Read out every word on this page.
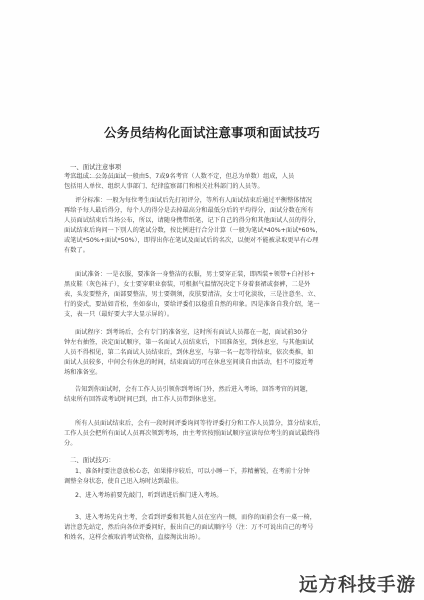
公务员结构化面试注意事项和面试技巧
一、面试注意事项
考官组成：公务员面试一般由5、7或9名考官（人数不定，但总为单数）组成，人员
包括用人单位、组织人事部门、纪律监察部门和相关社科部门的人员等。
评分标准：一般为每位考生面试后先打初评分，等所有人面试结束后通过平衡整体情况
再给予每人最后得分，每个人的得分是去掉最高分和最低分后的平均得分，面试分数在所有
人员面试结束后当场公布，所以，请随身携带纸笔，记下自己的得分和其他面试人员的得分，
面试结束后询问一下别人的笔试分数，按比例进行合分计算（一般为笔试*40%+面试*60%，
或笔试*50%+面试*50%），即得出你在笔试及面试后的名次，以便对不能被录取更早有心理
有数了。
面试准备：一是衣服，要准备一身整洁的衣服，男士要穿正装，即西装+领带+白衬衫+
黑皮鞋（灰色袜子），女士要穿职业套装，可根据气温情况决定下身着套裙或套裤，二是外
表，头发要整齐，面部要整洁，男士要剃须，皮肤要清洁，女士可化淡妆，三是注意坐、立、
行的姿式，要站如青松，坐如泰山，要给评委们以稳重自然的印象。四是准备自我介绍，笔一
支，表一只（最好要大字大显示屏的）。
面试程序：到考场后，会有专门的准备室，这时所有面试人员都在一起，面试前30分
钟左右抽签，决定面试顺序，第一名面试人员结束后，下回准备室，到休息室，与其他面试
人员不得相见，第二名面试人员结束后，到休息室，与第一名一起等待结束，依次类推，如
面试人员较多，中间会有休息的时间，结束面试的可在休息室间谈自由活动，但不可接近考
场和准备室。
告知到你面试时，会有工作人员引领你到考场门外，然后进入考场，回答考官的问题，
结束所有回答或考试时间已到，由工作人员带到休息室。
所有人员面试结束后，会有一段时间评委询问等待评委打分和工作人员算分，算分结束后，
工作人员会把所有面试人员再次领到考场，由主考官按照面试顺序宣读每位考生的面试最终得
分。
二、面试技巧：
1、准备时要注意放松心态，如果排序较后，可以小睡一下，养精蓄锐，在考前十分钟
调整全身状态，使自己迅入场时达到最佳。
2、进入考场前要先敲门，听到请进后推门进入考场。
3、进入考场先向主考，会看到评委和其他人员在室内一侧，而你的面前会有一桌一椅，
请注意先站定，然后向各位评委问好，报出自己的面试顺序号（注：万不可说出自己的考号
和姓名，这样会被取消考试资格，直接淘汰出场）。
远方科技手游
